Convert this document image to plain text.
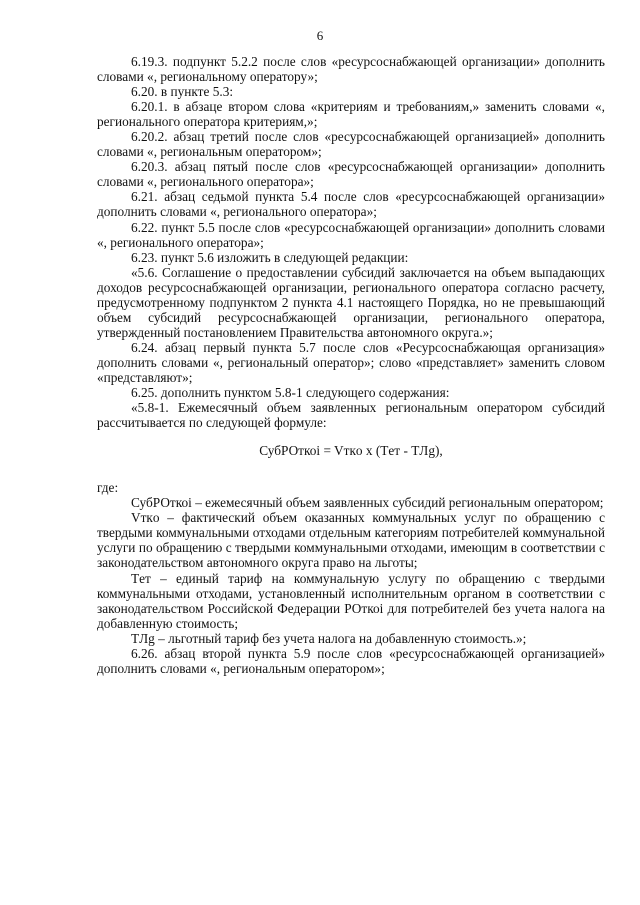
6

6.19.3. подпункт 5.2.2 после слов «ресурсоснабжающей организации» дополнить словами «, региональному оператору»;

6.20. в пункте 5.3:

6.20.1. в абзаце втором слова «критериям и требованиям,» заменить словами «, регионального оператора критериям,»;

6.20.2. абзац третий после слов «ресурсоснабжающей организацией» дополнить словами «, региональным оператором»;

6.20.3. абзац пятый после слов «ресурсоснабжающей организации» дополнить словами «, регионального оператора»;

6.21. абзац седьмой пункта 5.4 после слов «ресурсоснабжающей организации» дополнить словами «, регионального оператора»;

6.22. пункт 5.5 после слов «ресурсоснабжающей организации» дополнить словами «, регионального оператора»;

6.23. пункт 5.6 изложить в следующей редакции:

«5.6. Соглашение о предоставлении субсидий заключается на объем выпадающих доходов ресурсоснабжающей организации, регионального оператора согласно расчету, предусмотренному подпунктом 2 пункта 4.1 настоящего Порядка, но не превышающий объем субсидий ресурсоснабжающей организации, регионального оператора, утвержденный постановлением Правительства автономного округа.»;

6.24. абзац первый пункта 5.7 после слов «Ресурсоснабжающая организация» дополнить словами «, региональный оператор»; слово «представляет» заменить словом «представляют»;

6.25. дополнить пунктом 5.8-1 следующего содержания:

«5.8-1. Ежемесячный объем заявленных региональным оператором субсидий рассчитывается по следующей формуле:

СубРОткоi = Vткo x (Tет - TЛg),

где:

СубРОткоi – ежемесячный объем заявленных субсидий региональным оператором;

Vткo – фактический объем оказанных коммунальных услуг по обращению с твердыми коммунальными отходами отдельным категориям потребителей коммунальной услуги по обращению с твердыми коммунальными отходами, имеющим в соответствии с законодательством автономного округа право на льготы;

Tет – единый тариф на коммунальную услугу по обращению с твердыми коммунальными отходами, установленный исполнительным органом в соответствии с законодательством Российской Федерации РОткоi для потребителей без учета налога на добавленную стоимость;

TЛg – льготный тариф без учета налога на добавленную стоимость.»;

6.26. абзац второй пункта 5.9 после слов «ресурсоснабжающей организацией» дополнить словами «, региональным оператором»;
